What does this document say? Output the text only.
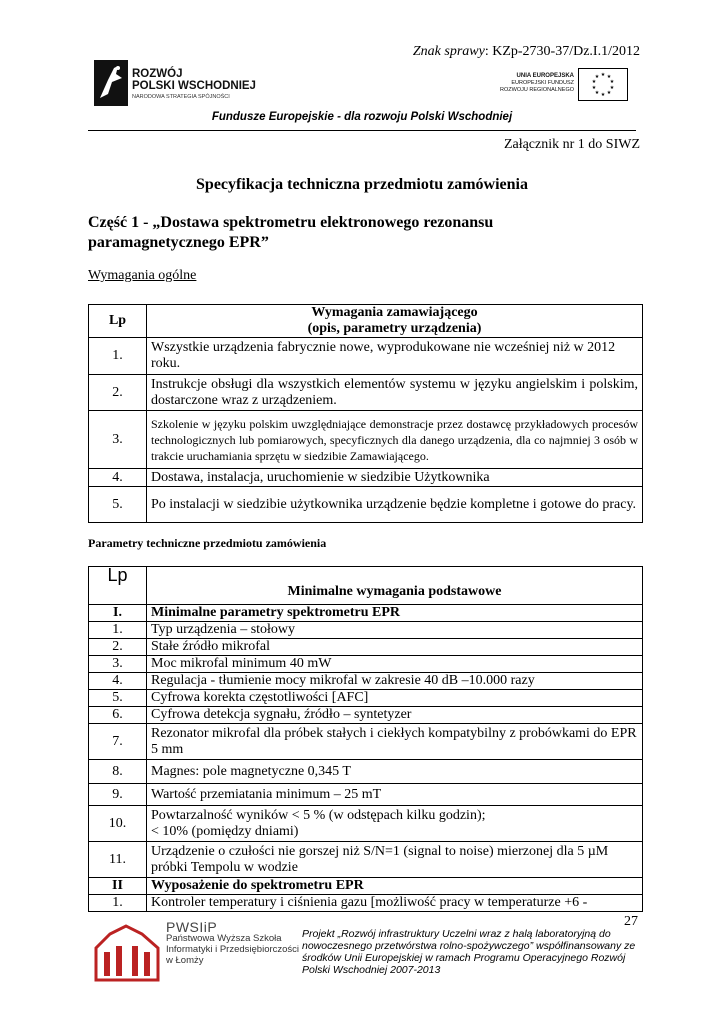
Znak sprawy: KZp-2730-37/Dz.I.1/2012
ROZWÓJ
POLSKI WSCHODNIEJ
NARODOWA STRATEGIA SPÓJNOŚCI
UNIA EUROPEJSKA
EUROPEJSKI FUNDUSZ
ROZWOJU REGIONALNEGO
★ ★
★
★
★
★
★
★
★
★
Fundusze Europejskie - dla rozwoju Polski Wschodniej
Załącznik nr 1 do SIWZ
Specyfikacja techniczna przedmiotu zamówienia
Część 1 - „Dostawa spektrometru elektronowego rezonansu paramagnetycznego EPR”
Wymagania ogólne
Lp	Wymagania zamawiającego
(opis, parametry urządzenia)

1.	Wszystkie urządzenia fabrycznie nowe, wyprodukowane nie wcześniej niż w 2012 roku.
2.	Instrukcje obsługi dla wszystkich elementów systemu w języku angielskim i polskim, dostarczone wraz z urządzeniem.
3.	Szkolenie w języku polskim uwzględniające demonstracje przez dostawcę przykładowych procesów technologicznych lub pomiarowych, specyficznych dla danego urządzenia, dla co najmniej 3 osób w trakcie uruchamiania sprzętu w siedzibie Zamawiającego.
4.	Dostawa, instalacja, uruchomienie w siedzibie Użytkownika
5.	Po instalacji w siedzibie użytkownika urządzenie będzie kompletne i gotowe do pracy.
Parametry techniczne przedmiotu zamówienia
Lp	Minimalne wymagania podstawowe
I.	Minimalne parametry spektrometru EPR
1.	Typ urządzenia – stołowy
2.	Stałe źródło mikrofal
3.	Moc mikrofal minimum 40 mW
4.	Regulacja - tłumienie mocy mikrofal w zakresie 40 dB –10.000 razy
5.	Cyfrowa korekta częstotliwości [AFC]
6.	Cyfrowa detekcja sygnału, źródło – syntetyzer
7.	Rezonator mikrofal dla próbek stałych i ciekłych kompatybilny z probówkami do EPR 5 mm
8.	Magnes: pole magnetyczne 0,345 T
9.	Wartość przemiatania minimum – 25 mT
10.	Powtarzalność wyników < 5 % (w odstępach kilku godzin);
< 10% (pomiędzy dniami)

11.	Urządzenie o czułości nie gorszej niż S/N=1 (signal to noise) mierzonej dla 5 µM próbki Tempolu w wodzie
II	Wyposażenie do spektrometru EPR
1.	Kontroler temperatury i ciśnienia gazu [możliwość pracy w temperaturze +6 -
27
PWSIiP
Państwowa Wyższa Szkoła
Informatyki i Przedsiębiorczości
w Łomży
Projekt „Rozwój infrastruktury Uczelni wraz z halą laboratoryjną do nowoczesnego przetwórstwa rolno-spożywczego” współfinansowany ze środków Unii Europejskiej w ramach Programu Operacyjnego Rozwój Polski Wschodniej 2007-2013
